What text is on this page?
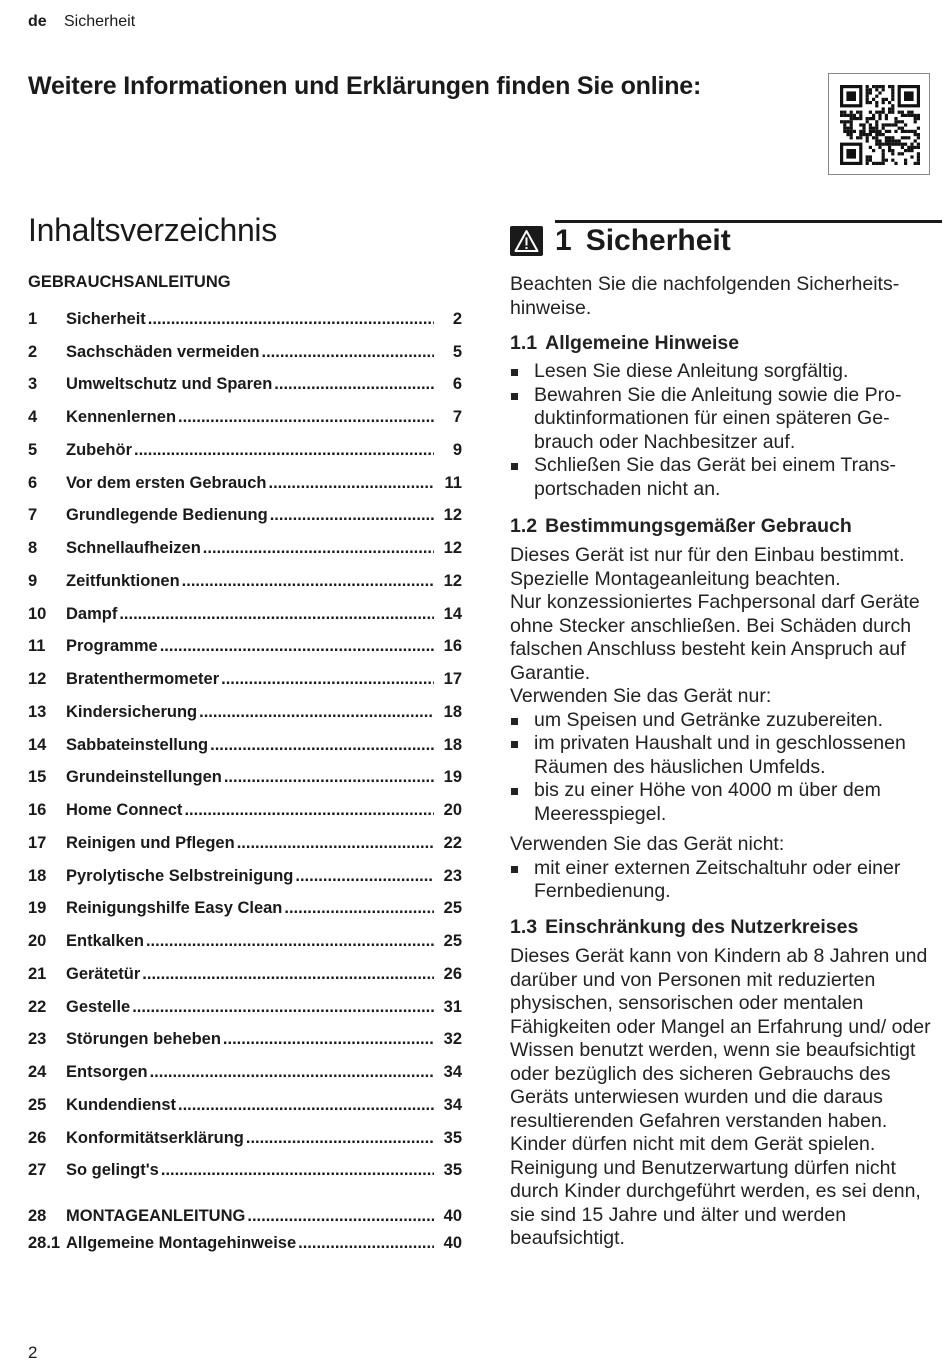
de Sicherheit
Weitere Informationen und Erklärungen finden Sie online:
Inhaltsverzeichnis
GEBRAUCHSANLEITUNG
1	Sicherheit .....	2
2	Sachschäden vermeiden .....	5
3	Umweltschutz und Sparen .....	6
4	Kennenlernen .....	7
5	Zubehör .....	9
6	Vor dem ersten Gebrauch .....	11
7	Grundlegende Bedienung .....	12
8	Schnellaufheizen .....	12
9	Zeitfunktionen .....	12
10	Dampf .....	14
11	Programme .....	16
12	Bratenthermometer .....	17
13	Kindersicherung .....	18
14	Sabbateinstellung .....	18
15	Grundeinstellungen .....	19
16	Home Connect .....	20
17	Reinigen und Pflegen .....	22
18	Pyrolytische Selbstreinigung .....	23
19	Reinigungshilfe Easy Clean .....	25
20	Entkalken .....	25
21	Gerätetür .....	26
22	Gestelle .....	31
23	Störungen beheben .....	32
24	Entsorgen .....	34
25	Kundendienst .....	34
26	Konformitätserklärung .....	35
27	So gelingt's .....	35
28	MONTAGEANLEITUNG .....	40
28.1 Allgemeine Montagehinweise .....	40
1 Sicherheit

Beachten Sie die nachfolgenden Sicherheitshinweise.

1.1 Allgemeine Hinweise
Lesen Sie diese Anleitung sorgfältig.
Bewahren Sie die Anleitung sowie die Produktinformationen für einen späteren Gebrauch oder Nachbesitzer auf.
Schließen Sie das Gerät bei einem Transportschaden nicht an.
1.2 Bestimmungsgemäßer Gebrauch

Dieses Gerät ist nur für den Einbau bestimmt. Spezielle Montageanleitung beachten.

Nur konzessioniertes Fachpersonal darf Geräte ohne Stecker anschließen. Bei Schäden durch falschen Anschluss besteht kein Anspruch auf Garantie.

Verwenden Sie das Gerät nur:

um Speisen und Getränke zuzubereiten.
im privaten Haushalt und in geschlossenen Räumen des häuslichen Umfelds.
bis zu einer Höhe von 4000 m über dem Meeresspiegel.

Verwenden Sie das Gerät nicht:

mit einer externen Zeitschaltuhr oder einer Fernbedienung.
1.3 Einschränkung des Nutzerkreises

Dieses Gerät kann von Kindern ab 8 Jahren und darüber und von Personen mit reduzierten physischen, sensorischen oder mentalen Fähigkeiten oder Mangel an Erfahrung und/ oder Wissen benutzt werden, wenn sie beaufsichtigt oder bezüglich des sicheren Gebrauchs des Geräts unterwiesen wurden und die daraus resultierenden Gefahren verstanden haben.

Kinder dürfen nicht mit dem Gerät spielen.

Reinigung und Benutzerwartung dürfen nicht durch Kinder durchgeführt werden, es sei denn, sie sind 15 Jahre und älter und werden beaufsichtigt.

2
